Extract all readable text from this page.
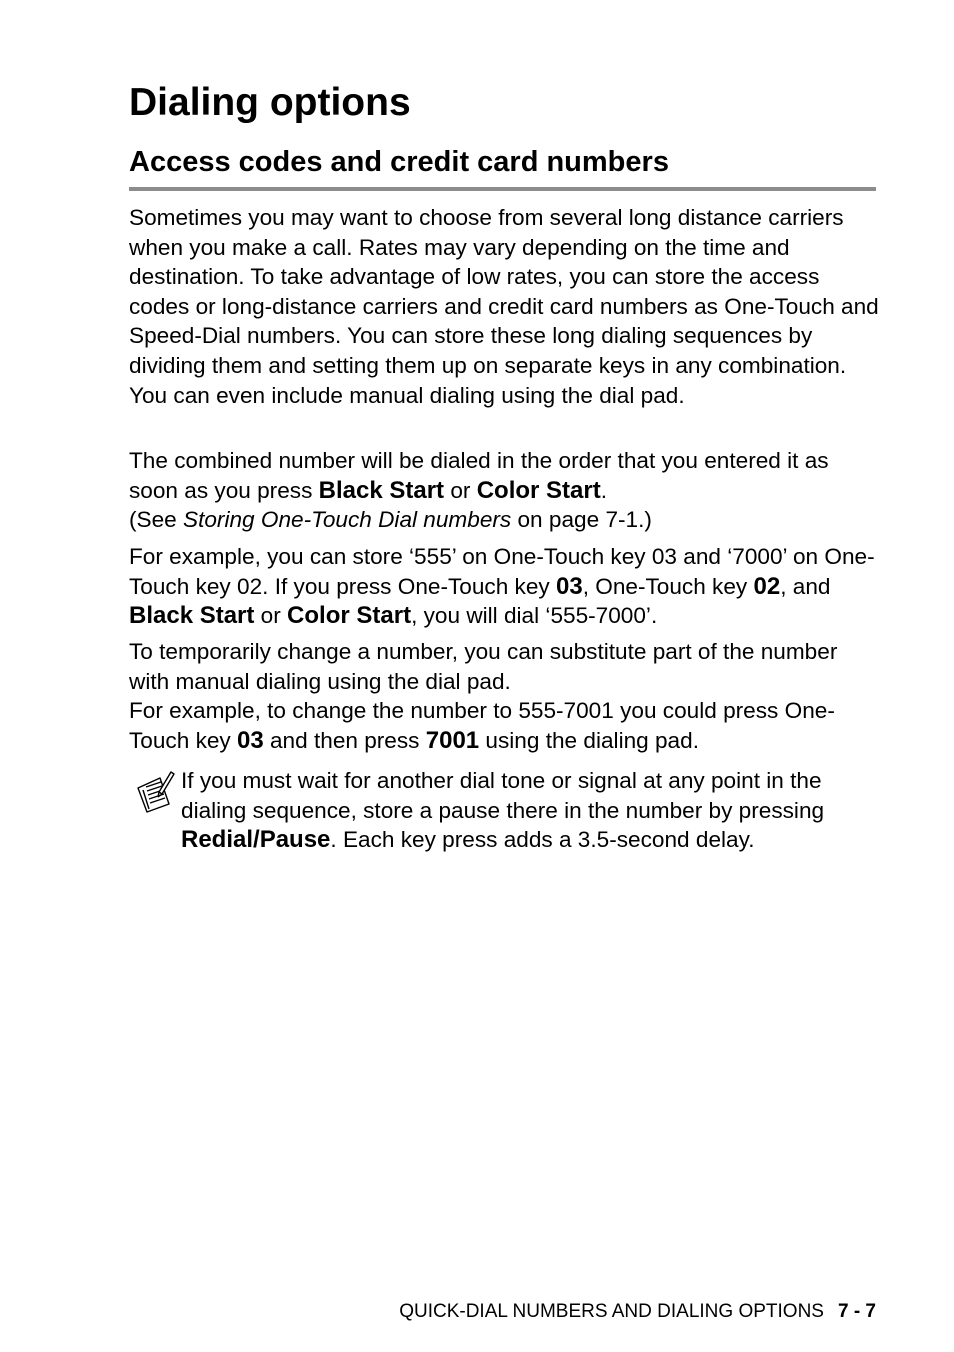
Dialing options
Access codes and credit card numbers

Sometimes you may want to choose from several long distance carriers when you make a call. Rates may vary depending on the time and destination. To take advantage of low rates, you can store the access codes or long-distance carriers and credit card numbers as One-Touch and Speed-Dial numbers. You can store these long dialing sequences by dividing them and setting them up on separate keys in any combination. You can even include manual dialing using the dial pad.

The combined number will be dialed in the order that you entered it as soon as you press Black Start or Color Start.
(See Storing One-Touch Dial numbers on page 7-1.)

For example, you can store ‘555’ on One-Touch key 03 and ‘7000’ on One-Touch key 02. If you press One-Touch key 03, One-Touch key 02, and Black Start or Color Start, you will dial ‘555-7000’.

To temporarily change a number, you can substitute part of the number with manual dialing using the dial pad.
For example, to change the number to 555-7001 you could press One-Touch key 03 and then press 7001 using the dialing pad.

If you must wait for another dial tone or signal at any point in the dialing sequence, store a pause there in the number by pressing Redial/Pause. Each key press adds a 3.5-second delay.

QUICK-DIAL NUMBERS AND DIALING OPTIONS 7 - 7
